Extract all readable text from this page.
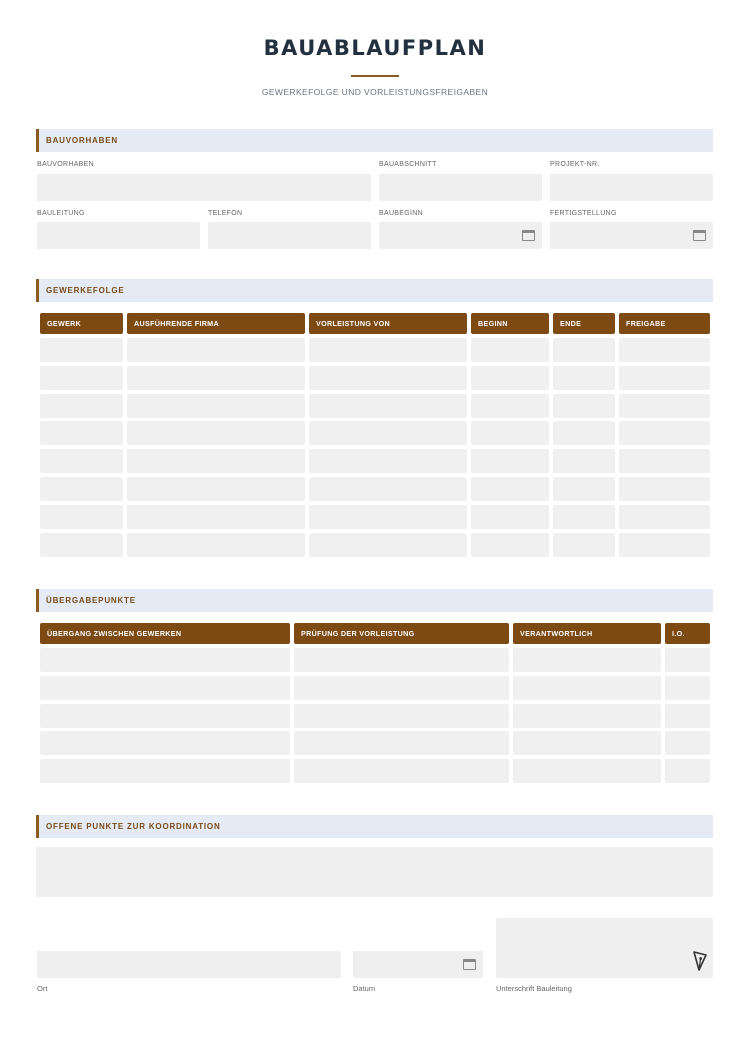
BAUABLAUFPLAN
GEWERKEFOLGE UND VORLEISTUNGSFREIGABEN
BAUVORHABEN
BAUVORHABEN	BAUABSCHNITT	PROJEKT-NR.
BAULEITUNG	TELEFON	BAUBEGINN	FERTIGSTELLUNG
GEWERKEFOLGE
GEWERK	AUSFÜHRENDE FIRMA	VORLEISTUNG VON	BEGINN	ENDE	FREIGABE
ÜBERGABEPUNKTE
ÜBERGANG ZWISCHEN GEWERKEN	PRÜFUNG DER VORLEISTUNG	VERANTWORTLICH	I.O.
OFFENE PUNKTE ZUR KOORDINATION
Ort	Datum	Unterschrift Bauleitung
